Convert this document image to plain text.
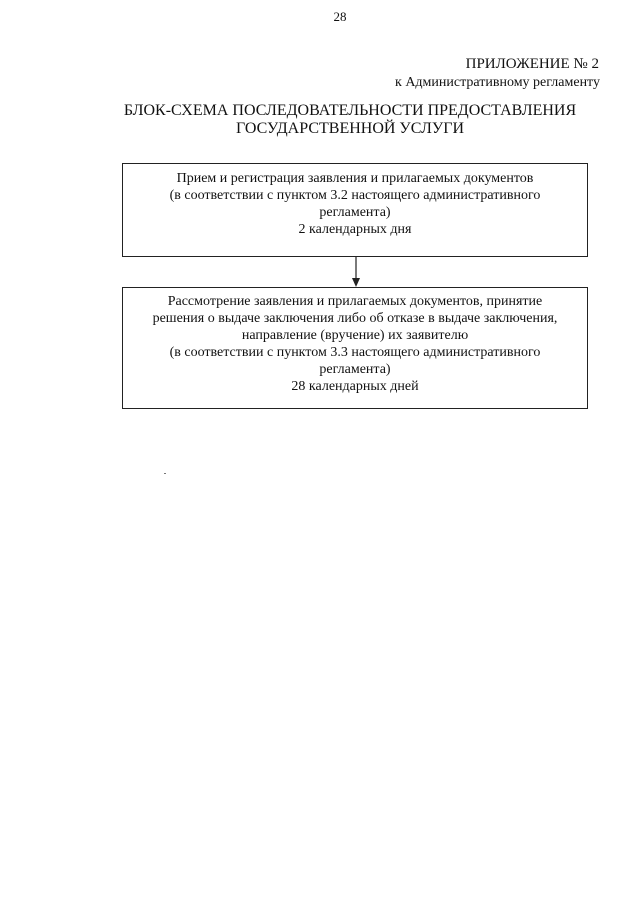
28
ПРИЛОЖЕНИЕ № 2
к Административному регламенту
БЛОК-СХЕМА ПОСЛЕДОВАТЕЛЬНОСТИ ПРЕДОСТАВЛЕНИЯ
ГОСУДАРСТВЕННОЙ УСЛУГИ
Прием и регистрация заявления и прилагаемых документов
(в соответствии с пунктом 3.2 настоящего административного
регламента)
2 календарных дня
Рассмотрение заявления и прилагаемых документов, принятие
решения о выдаче заключения либо об отказе в выдаче заключения,
направление (вручение) их заявителю
(в соответствии с пунктом 3.3 настоящего административного
регламента)
28 календарных дней
